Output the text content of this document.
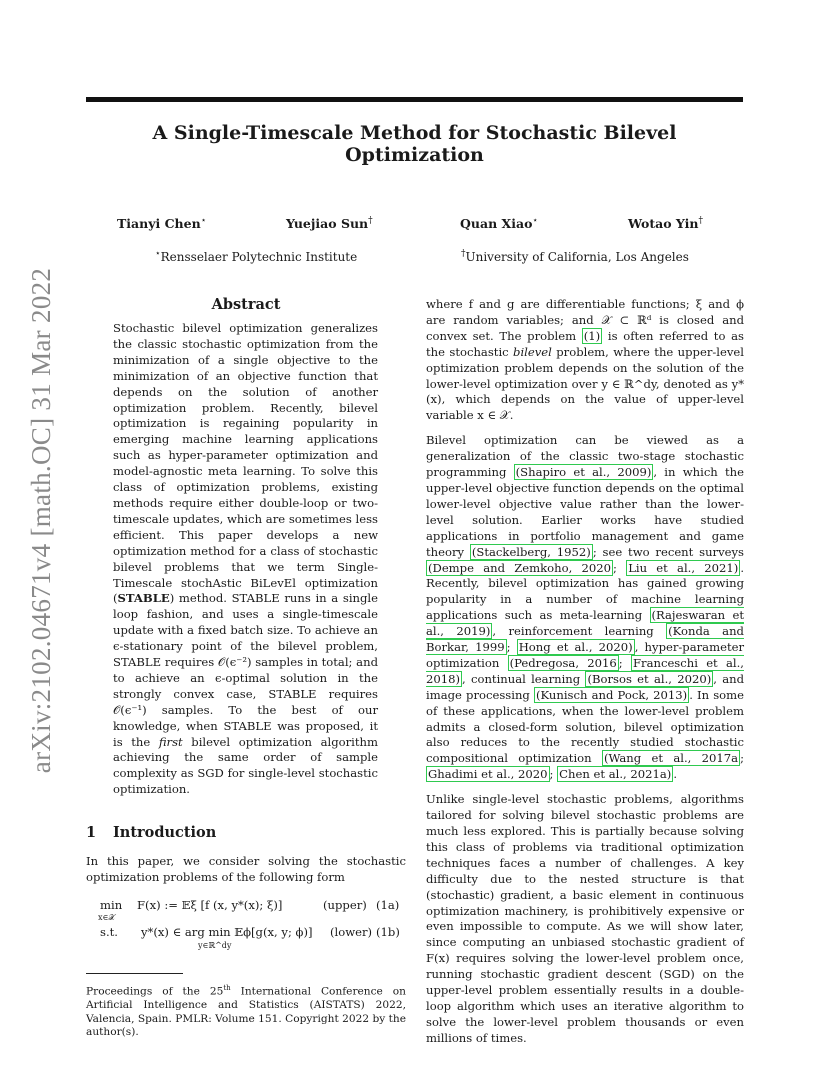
arXiv:2102.04671v4 [math.OC] 31 Mar 2022
A Single-Timescale Method for Stochastic Bilevel Optimization
Tianyi Chen⋆	Yuejiao Sun†	Quan Xiao⋆	Wotao Yin†
⋆Rensselaer Polytechnic Institute	†University of California, Los Angeles
Abstract

Stochastic bilevel optimization generalizes the classic stochastic optimization from the minimization of a single objective to the minimization of an objective function that depends on the solution of another optimization problem. Recently, bilevel optimization is regaining popularity in emerging machine learning applications such as hyper-parameter optimization and model-agnostic meta learning. To solve this class of optimization problems, existing methods require either double-loop or two-timescale updates, which are sometimes less efficient. This paper develops a new optimization method for a class of stochastic bilevel problems that we term Single-Timescale stochAstic BiLevEl optimization (STABLE) method. STABLE runs in a single loop fashion, and uses a single-timescale update with a fixed batch size. To achieve an ϵ-stationary point of the bilevel problem, STABLE requires 𝒪(ϵ⁻²) samples in total; and to achieve an ϵ-optimal solution in the strongly convex case, STABLE requires 𝒪(ϵ⁻¹) samples. To the best of our knowledge, when STABLE was proposed, it is the first bilevel optimization algorithm achieving the same order of sample complexity as SGD for single-level stochastic optimization.

1 Introduction

In this paper, we consider solving the stochastic optimization problems of the following form

min
x∈𝒳
F(x) := 𝔼ξ [f (x, y*(x); ξ)]	(upper) (1a)
s.t. y*(x) ∈ arg min 𝔼ϕ[g(x, y; ϕ)]
y∈ℝ^dy
(lower) (1b)

Proceedings of the 25th International Conference on Artificial Intelligence and Statistics (AISTATS) 2022, Valencia, Spain. PMLR: Volume 151. Copyright 2022 by the author(s).

where f and g are differentiable functions; ξ and ϕ are random variables; and 𝒳 ⊂ ℝᵈ is closed and convex set. The problem (1) is often referred to as the stochastic bilevel problem, where the upper-level optimization problem depends on the solution of the lower-level optimization over y ∈ ℝ^dy, denoted as y*(x), which depends on the value of upper-level variable x ∈ 𝒳.

Bilevel optimization can be viewed as a generalization of the classic two-stage stochastic programming (Shapiro et al., 2009) , in which the upper-level objective function depends on the optimal lower-level objective value rather than the lower-level solution. Earlier works have studied applications in portfolio management and game theory (Stackelberg, 1952) ; see two recent surveys (Dempe and Zemkoho, 2020 ; Liu et al., 2021) . Recently, bilevel optimization has gained growing popularity in a number of machine learning applications such as meta-learning (Rajeswaran et al., 2019) , reinforcement learning (Konda and Borkar, 1999 ; Hong et al., 2020) , hyper-parameter optimization (Pedregosa, 2016 ; Franceschi et al., 2018) , continual learning (Borsos et al., 2020) , and image processing (Kunisch and Pock, 2013) . In some of these applications, when the lower-level problem admits a closed-form solution, bilevel optimization also reduces to the recently studied stochastic compositional optimization (Wang et al., 2017a ; Ghadimi et al., 2020 ; Chen et al., 2021a) .

Unlike single-level stochastic problems, algorithms tailored for solving bilevel stochastic problems are much less explored. This is partially because solving this class of problems via traditional optimization techniques faces a number of challenges. A key difficulty due to the nested structure is that (stochastic) gradient, a basic element in continuous optimization machinery, is prohibitively expensive or even impossible to compute. As we will show later, since computing an unbiased stochastic gradient of F(x) requires solving the lower-level problem once, running stochastic gradient descent (SGD) on the upper-level problem essentially results in a double-loop algorithm which uses an iterative algorithm to solve the lower-level problem thousands or even millions of times.
